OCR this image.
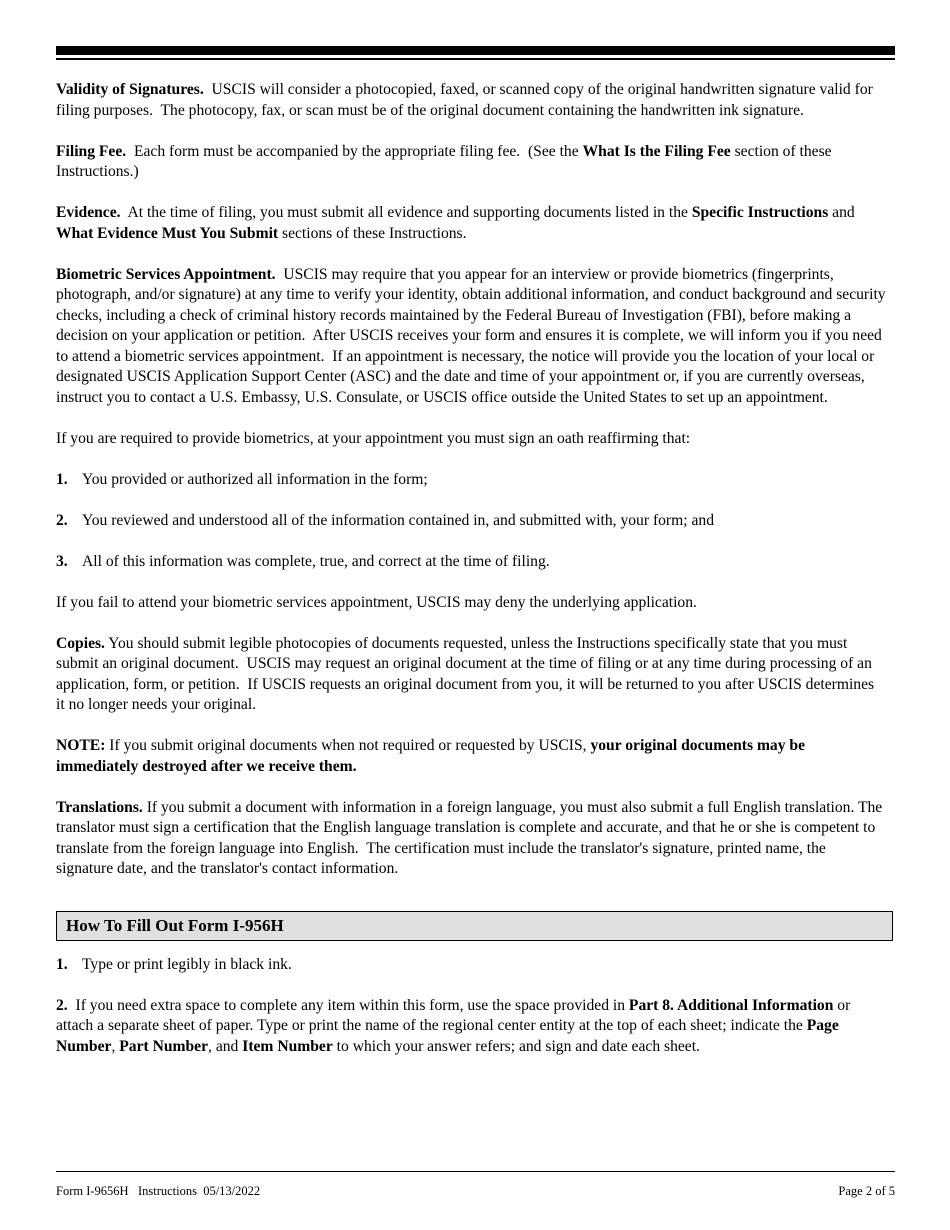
Validity of Signatures.  USCIS will consider a photocopied, faxed, or scanned copy of the original handwritten signature valid for filing purposes.  The photocopy, fax, or scan must be of the original document containing the handwritten ink signature.

Filing Fee.  Each form must be accompanied by the appropriate filing fee.  (See the What Is the Filing Fee section of these Instructions.)

Evidence.  At the time of filing, you must submit all evidence and supporting documents listed in the Specific Instructions and What Evidence Must You Submit sections of these Instructions.

Biometric Services Appointment.  USCIS may require that you appear for an interview or provide biometrics (fingerprints, photograph, and/or signature) at any time to verify your identity, obtain additional information, and conduct background and security checks, including a check of criminal history records maintained by the Federal Bureau of Investigation (FBI), before making a decision on your application or petition.  After USCIS receives your form and ensures it is complete, we will inform you if you need to attend a biometric services appointment.  If an appointment is necessary, the notice will provide you the location of your local or designated USCIS Application Support Center (ASC) and the date and time of your appointment or, if you are currently overseas, instruct you to contact a U.S. Embassy, U.S. Consulate, or USCIS office outside the United States to set up an appointment.

If you are required to provide biometrics, at your appointment you must sign an oath reaffirming that:

1. You provided or authorized all information in the form;

2. You reviewed and understood all of the information contained in, and submitted with, your form; and

3. All of this information was complete, true, and correct at the time of filing.

If you fail to attend your biometric services appointment, USCIS may deny the underlying application.

Copies. You should submit legible photocopies of documents requested, unless the Instructions specifically state that you must submit an original document.  USCIS may request an original document at the time of filing or at any time during processing of an application, form, or petition.  If USCIS requests an original document from you, it will be returned to you after USCIS determines it no longer needs your original.

NOTE: If you submit original documents when not required or requested by USCIS, your original documents may be immediately destroyed after we receive them.

Translations. If you submit a document with information in a foreign language, you must also submit a full English translation. The translator must sign a certification that the English language translation is complete and accurate, and that he or she is competent to translate from the foreign language into English.  The certification must include the translator's signature, printed name, the signature date, and the translator's contact information.

How To Fill Out Form I-956H

1. Type or print legibly in black ink.

2.  If you need extra space to complete any item within this form, use the space provided in Part 8. Additional Information or attach a separate sheet of paper. Type or print the name of the regional center entity at the top of each sheet; indicate the Page Number, Part Number, and Item Number to which your answer refers; and sign and date each sheet.

Form I-9656H   Instructions  05/13/2022	Page 2 of 5
